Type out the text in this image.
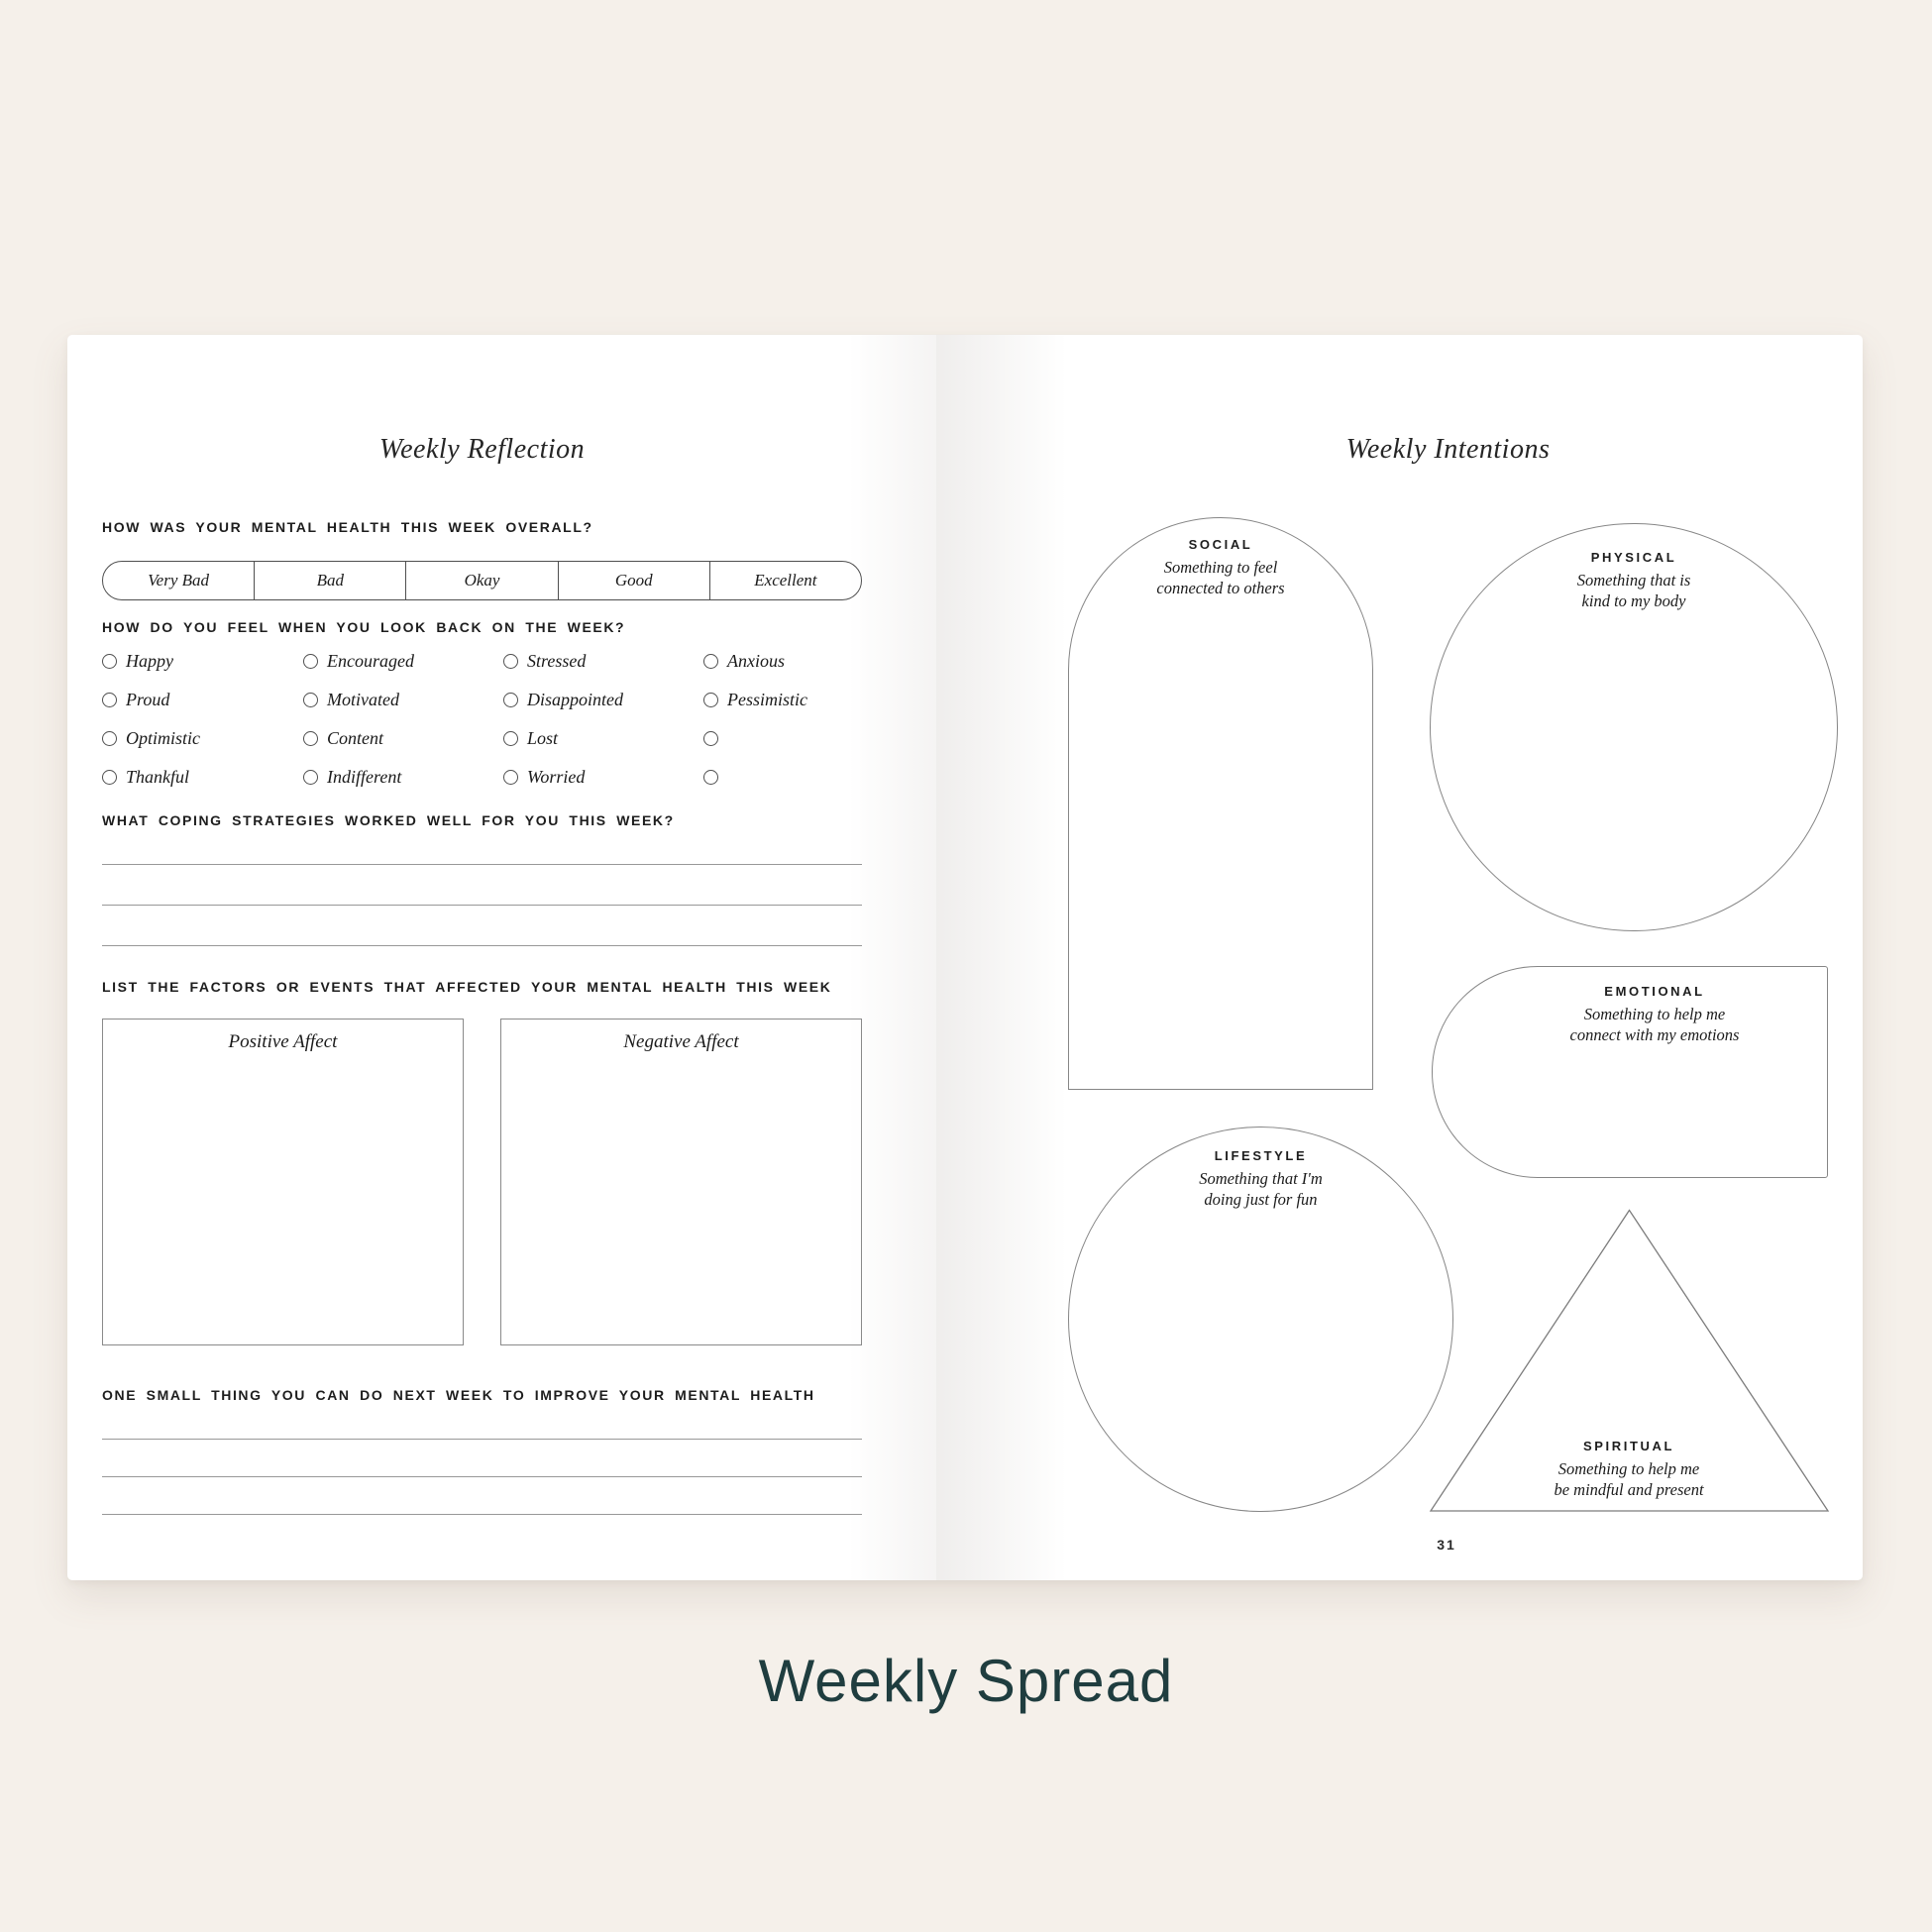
Weekly Reflection
HOW WAS YOUR MENTAL HEALTH THIS WEEK OVERALL?
Very Bad	Bad	Okay	Good	Excellent
HOW DO YOU FEEL WHEN YOU LOOK BACK ON THE WEEK?
Happy	Encouraged	Stressed	Anxious
Proud	Motivated	Disappointed	Pessimistic
Optimistic	Content	Lost
Thankful	Indifferent	Worried
WHAT COPING STRATEGIES WORKED WELL FOR YOU THIS WEEK?
LIST THE FACTORS OR EVENTS THAT AFFECTED YOUR MENTAL HEALTH THIS WEEK
Positive Affect	Negative Affect
ONE SMALL THING YOU CAN DO NEXT WEEK TO IMPROVE YOUR MENTAL HEALTH
Weekly Intentions
SOCIAL
Something to feel
connected to others
PHYSICAL
Something that is
kind to my body
EMOTIONAL
Something to help me
connect with my emotions
LIFESTYLE
Something that I'm
doing just for fun
SPIRITUAL
Something to help me
be mindful and present
31
Weekly Spread
